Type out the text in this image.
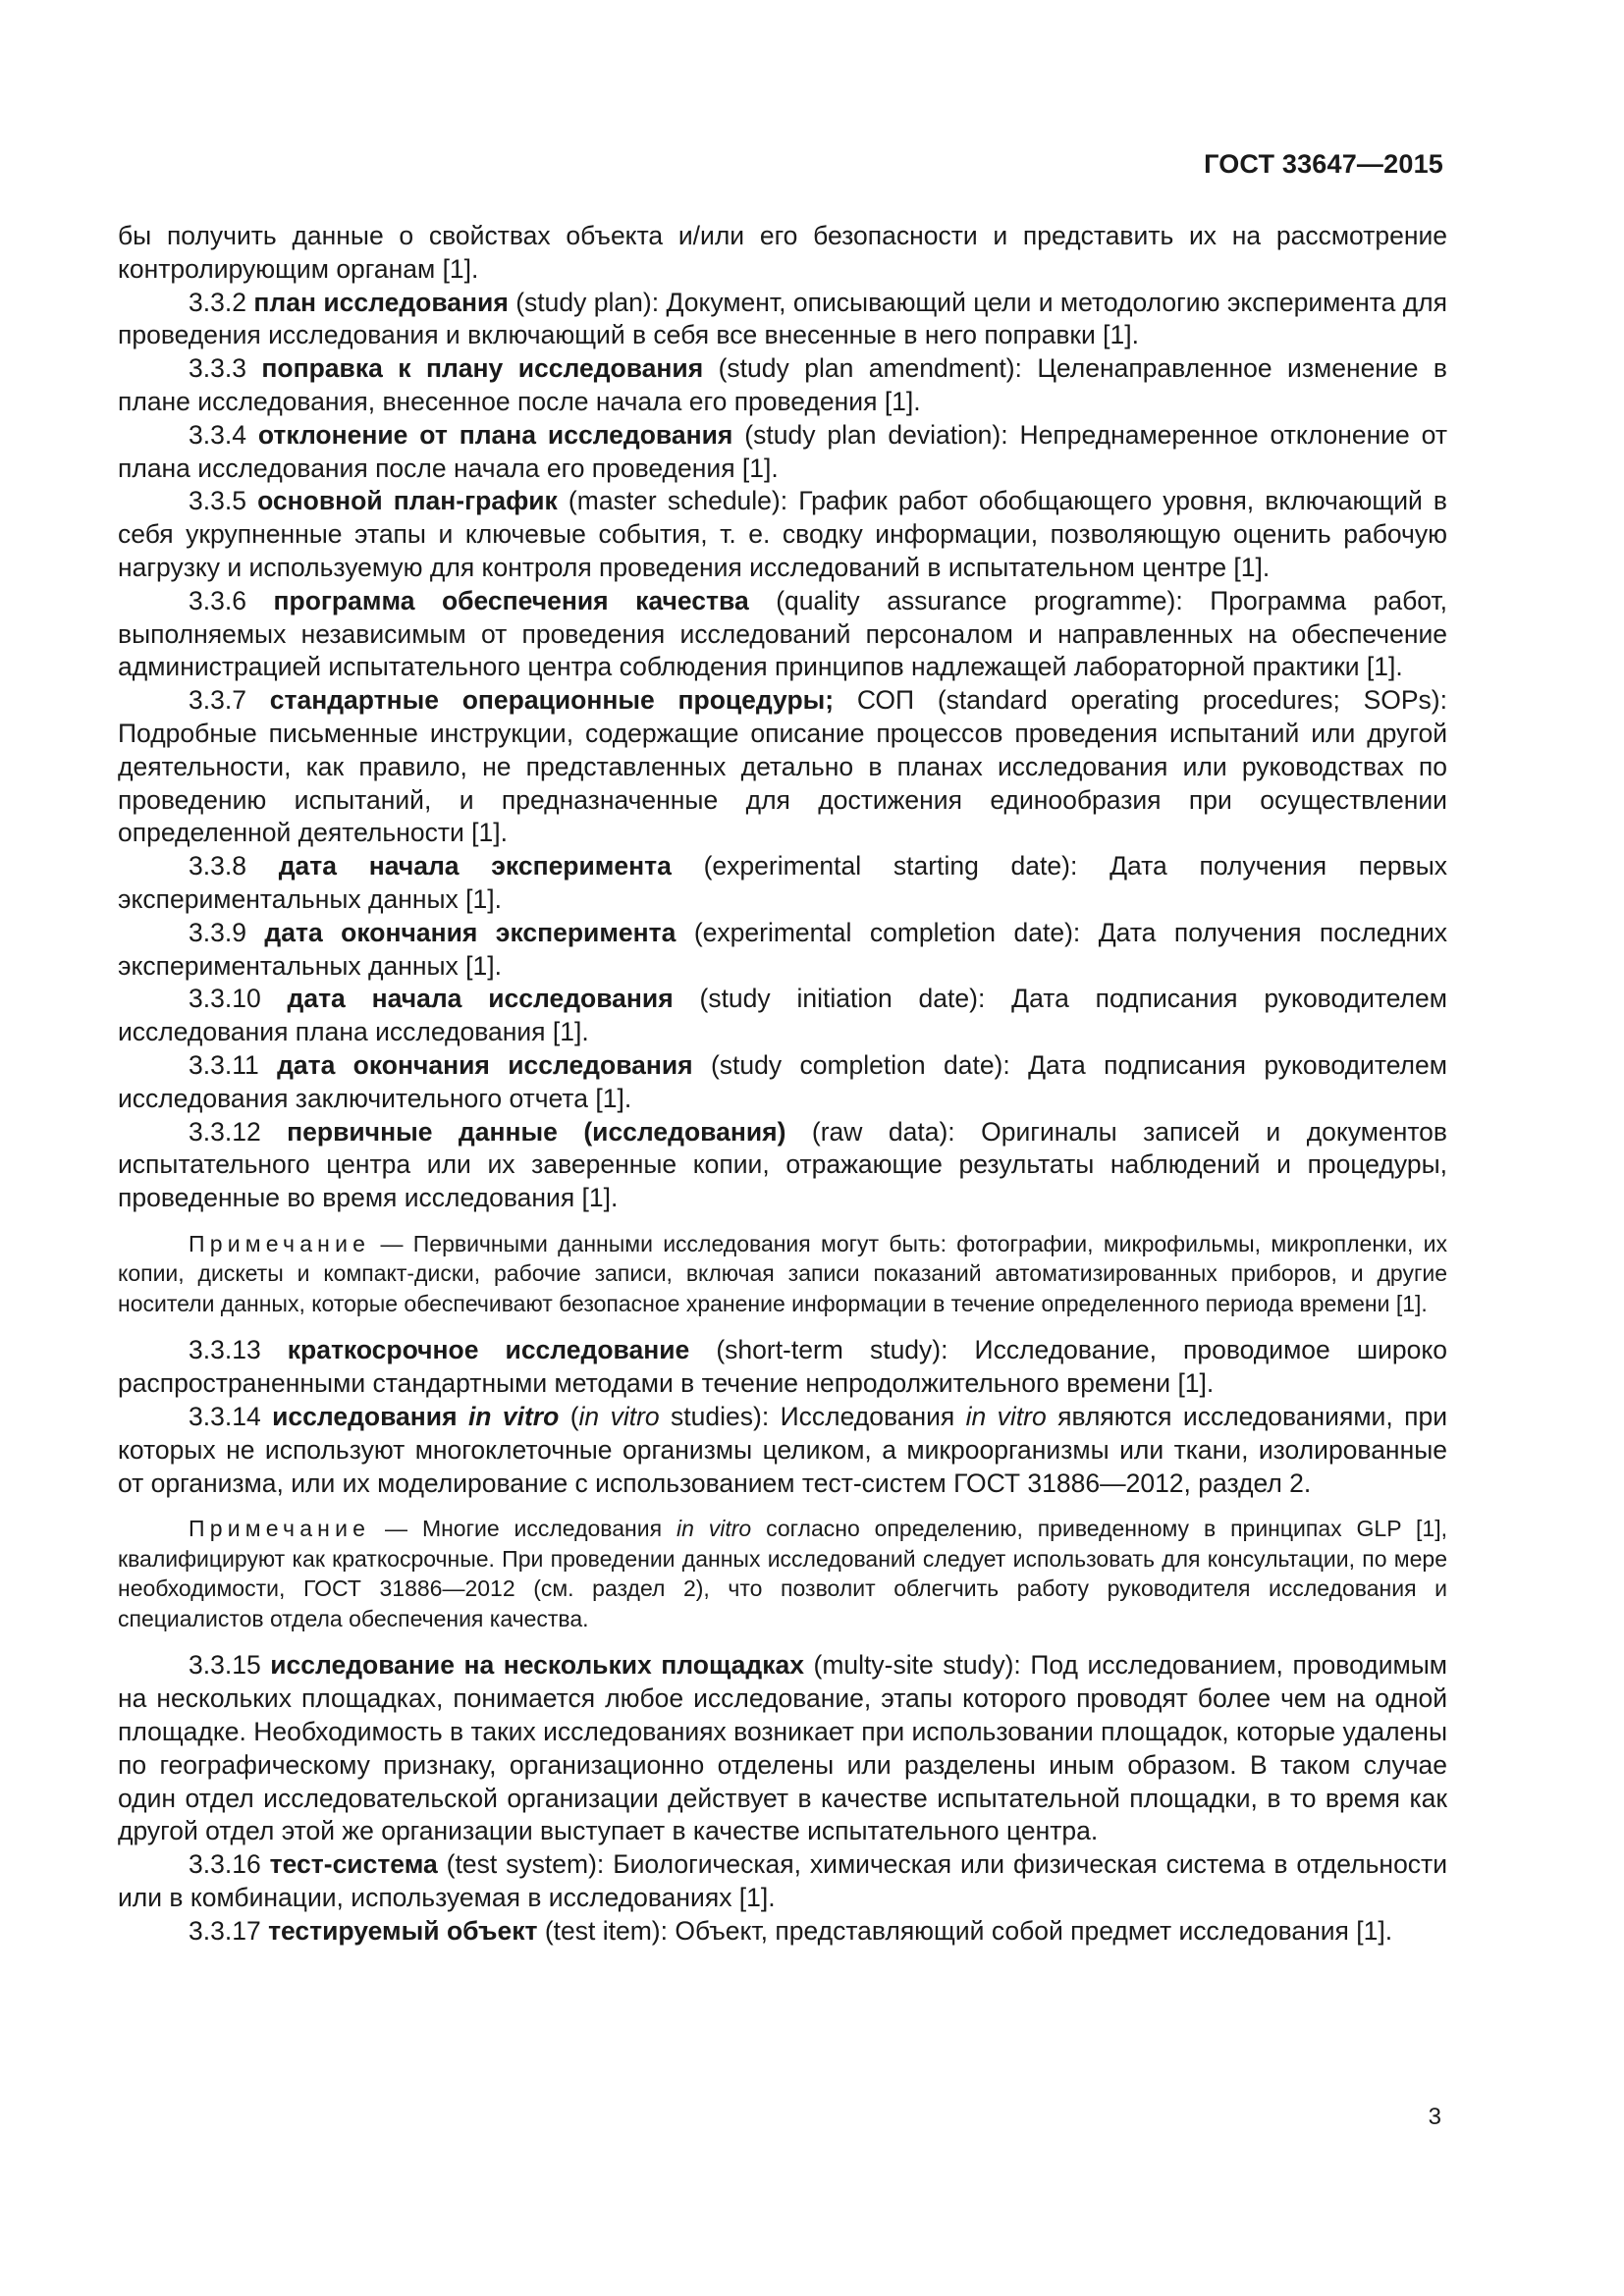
ГОСТ 33647—2015

бы получить данные о свойствах объекта и/или его безопасности и представить их на рассмотрение контролирующим органам [1].

3.3.2 план исследования (study plan): Документ, описывающий цели и методологию эксперимента для проведения исследования и включающий в себя все внесенные в него поправки [1].

3.3.3 поправка к плану исследования (study plan amendment): Целенаправленное изменение в плане исследования, внесенное после начала его проведения [1].

3.3.4 отклонение от плана исследования (study plan deviation): Непреднамеренное отклонение от плана исследования после начала его проведения [1].

3.3.5 основной план-график (master schedule): График работ обобщающего уровня, включающий в себя укрупненные этапы и ключевые события, т. е. сводку информации, позволяющую оценить рабочую нагрузку и используемую для контроля проведения исследований в испытательном центре [1].

3.3.6 программа обеспечения качества (quality assurance programme): Программа работ, выполняемых независимым от проведения исследований персоналом и направленных на обеспечение администрацией испытательного центра соблюдения принципов надлежащей лабораторной практики [1].

3.3.7 стандартные операционные процедуры; СОП (standard operating procedures; SOPs): Подробные письменные инструкции, содержащие описание процессов проведения испытаний или другой деятельности, как правило, не представленных детально в планах исследования или руководствах по проведению испытаний, и предназначенные для достижения единообразия при осуществлении определенной деятельности [1].

3.3.8 дата начала эксперимента (experimental starting date): Дата получения первых экспериментальных данных [1].

3.3.9 дата окончания эксперимента (experimental completion date): Дата получения последних экспериментальных данных [1].

3.3.10 дата начала исследования (study initiation date): Дата подписания руководителем исследования плана исследования [1].

3.3.11 дата окончания исследования (study completion date): Дата подписания руководителем исследования заключительного отчета [1].

3.3.12 первичные данные (исследования) (raw data): Оригиналы записей и документов испытательного центра или их заверенные копии, отражающие результаты наблюдений и процедуры, проведенные во время исследования [1].

Примечание — Первичными данными исследования могут быть: фотографии, микрофильмы, микропленки, их копии, дискеты и компакт-диски, рабочие записи, включая записи показаний автоматизированных приборов, и другие носители данных, которые обеспечивают безопасное хранение информации в течение определенного периода времени [1].

3.3.13 краткосрочное исследование (short-term study): Исследование, проводимое широко распространенными стандартными методами в течение непродолжительного времени [1].

3.3.14 исследования in vitro (in vitro studies): Исследования in vitro являются исследованиями, при которых не используют многоклеточные организмы целиком, а микроорганизмы или ткани, изолированные от организма, или их моделирование с использованием тест-систем ГОСТ 31886—2012, раздел 2.

Примечание — Многие исследования in vitro согласно определению, приведенному в принципах GLP [1], квалифицируют как краткосрочные. При проведении данных исследований следует использовать для консультации, по мере необходимости, ГОСТ 31886—2012 (см. раздел 2), что позволит облегчить работу руководителя исследования и специалистов отдела обеспечения качества.

3.3.15 исследование на нескольких площадках (multy-site study): Под исследованием, проводимым на нескольких площадках, понимается любое исследование, этапы которого проводят более чем на одной площадке. Необходимость в таких исследованиях возникает при использовании площадок, которые удалены по географическому признаку, организационно отделены или разделены иным образом. В таком случае один отдел исследовательской организации действует в качестве испытательной площадки, в то время как другой отдел этой же организации выступает в качестве испытательного центра.

3.3.16 тест-система (test system): Биологическая, химическая или физическая система в отдельности или в комбинации, используемая в исследованиях [1].

3.3.17 тестируемый объект (test item): Объект, представляющий собой предмет исследования [1].

3
